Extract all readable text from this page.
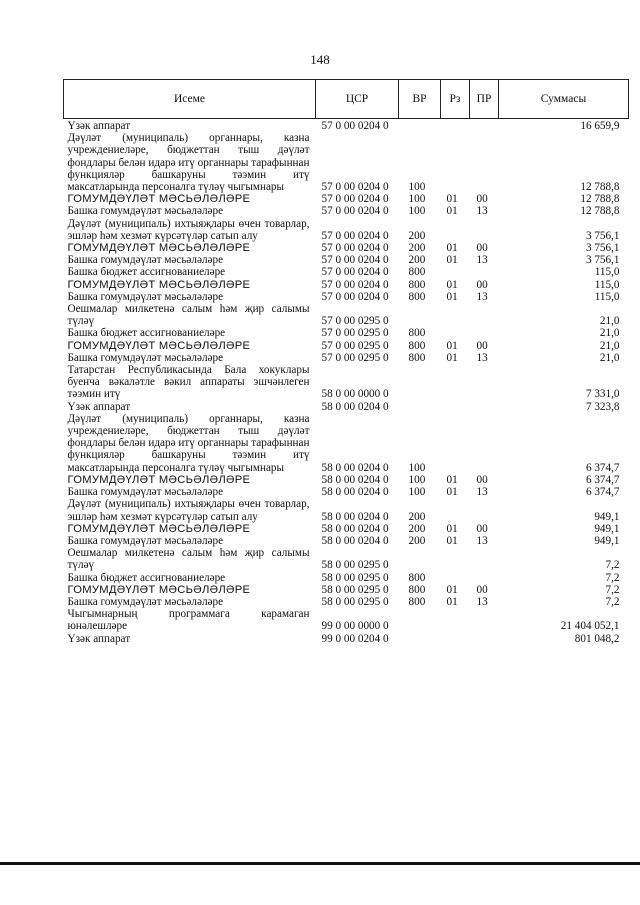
148
Исеме	ЦСР	ВР	Рз	ПР	Суммасы
Үзәк аппарат	57 0 00 0204 0				16 659,9
Дәүләт (муниципаль) органнары, казна учреждениеләре, бюджеттан тыш дәүләт фондлары белән идарә итү органнары тарафыннан функцияләр башкаруны тәэмин итү максатларында персоналга түләү чыгымнары	57 0 00 0204 0	100			12 788,8
ГОМУМДӘҮЛӘТ МӘСЬӘЛӘЛӘРЕ	57 0 00 0204 0	100	01	00	12 788,8
Башка гомумдәүләт мәсьәләләре	57 0 00 0204 0	100	01	13	12 788,8
Дәүләт (муниципаль) ихтыяҗлары өчен товарлар, эшләр һәм хезмәт күрсәтүләр сатып алу	57 0 00 0204 0	200			3 756,1
ГОМУМДӘҮЛӘТ МӘСЬӘЛӘЛӘРЕ	57 0 00 0204 0	200	01	00	3 756,1
Башка гомумдәүләт мәсьәләләре	57 0 00 0204 0	200	01	13	3 756,1
Башка бюджет ассигнованиеләре	57 0 00 0204 0	800			115,0
ГОМУМДӘҮЛӘТ МӘСЬӘЛӘЛӘРЕ	57 0 00 0204 0	800	01	00	115,0
Башка гомумдәүләт мәсьәләләре	57 0 00 0204 0	800	01	13	115,0
Оешмалар милкетенә салым һәм җир салымы түләү	57 0 00 0295 0				21,0
Башка бюджет ассигнованиеләре	57 0 00 0295 0	800			21,0
ГОМУМДӘҮЛӘТ МӘСЬӘЛӘЛӘРЕ	57 0 00 0295 0	800	01	00	21,0
Башка гомумдәүләт мәсьәләләре	57 0 00 0295 0	800	01	13	21,0
Татарстан Республикасында Бала хокуклары буенча вәкаләтле вәкил аппараты эшчәнлеген тәэмин итү	58 0 00 0000 0				7 331,0
Үзәк аппарат	58 0 00 0204 0				7 323,8
Дәүләт (муниципаль) органнары, казна учреждениеләре, бюджеттан тыш дәүләт фондлары белән идарә итү органнары тарафыннан функцияләр башкаруны тәэмин итү максатларында персоналга түләү чыгымнары	58 0 00 0204 0	100			6 374,7
ГОМУМДӘҮЛӘТ МӘСЬӘЛӘЛӘРЕ	58 0 00 0204 0	100	01	00	6 374,7
Башка гомумдәүләт мәсьәләләре	58 0 00 0204 0	100	01	13	6 374,7
Дәүләт (муниципаль) ихтыяҗлары өчен товарлар, эшләр һәм хезмәт күрсәтүләр сатып алу	58 0 00 0204 0	200			949,1
ГОМУМДӘҮЛӘТ МӘСЬӘЛӘЛӘРЕ	58 0 00 0204 0	200	01	00	949,1
Башка гомумдәүләт мәсьәләләре	58 0 00 0204 0	200	01	13	949,1
Оешмалар милкетенә салым һәм җир салымы түләү	58 0 00 0295 0				7,2
Башка бюджет ассигнованиеләре	58 0 00 0295 0	800			7,2
ГОМУМДӘҮЛӘТ МӘСЬӘЛӘЛӘРЕ	58 0 00 0295 0	800	01	00	7,2
Башка гомумдәүләт мәсьәләләре	58 0 00 0295 0	800	01	13	7,2
Чыгымнарның программага карамаган юнәлешләре	99 0 00 0000 0				21 404 052,1
Үзәк аппарат	99 0 00 0204 0				801 048,2
